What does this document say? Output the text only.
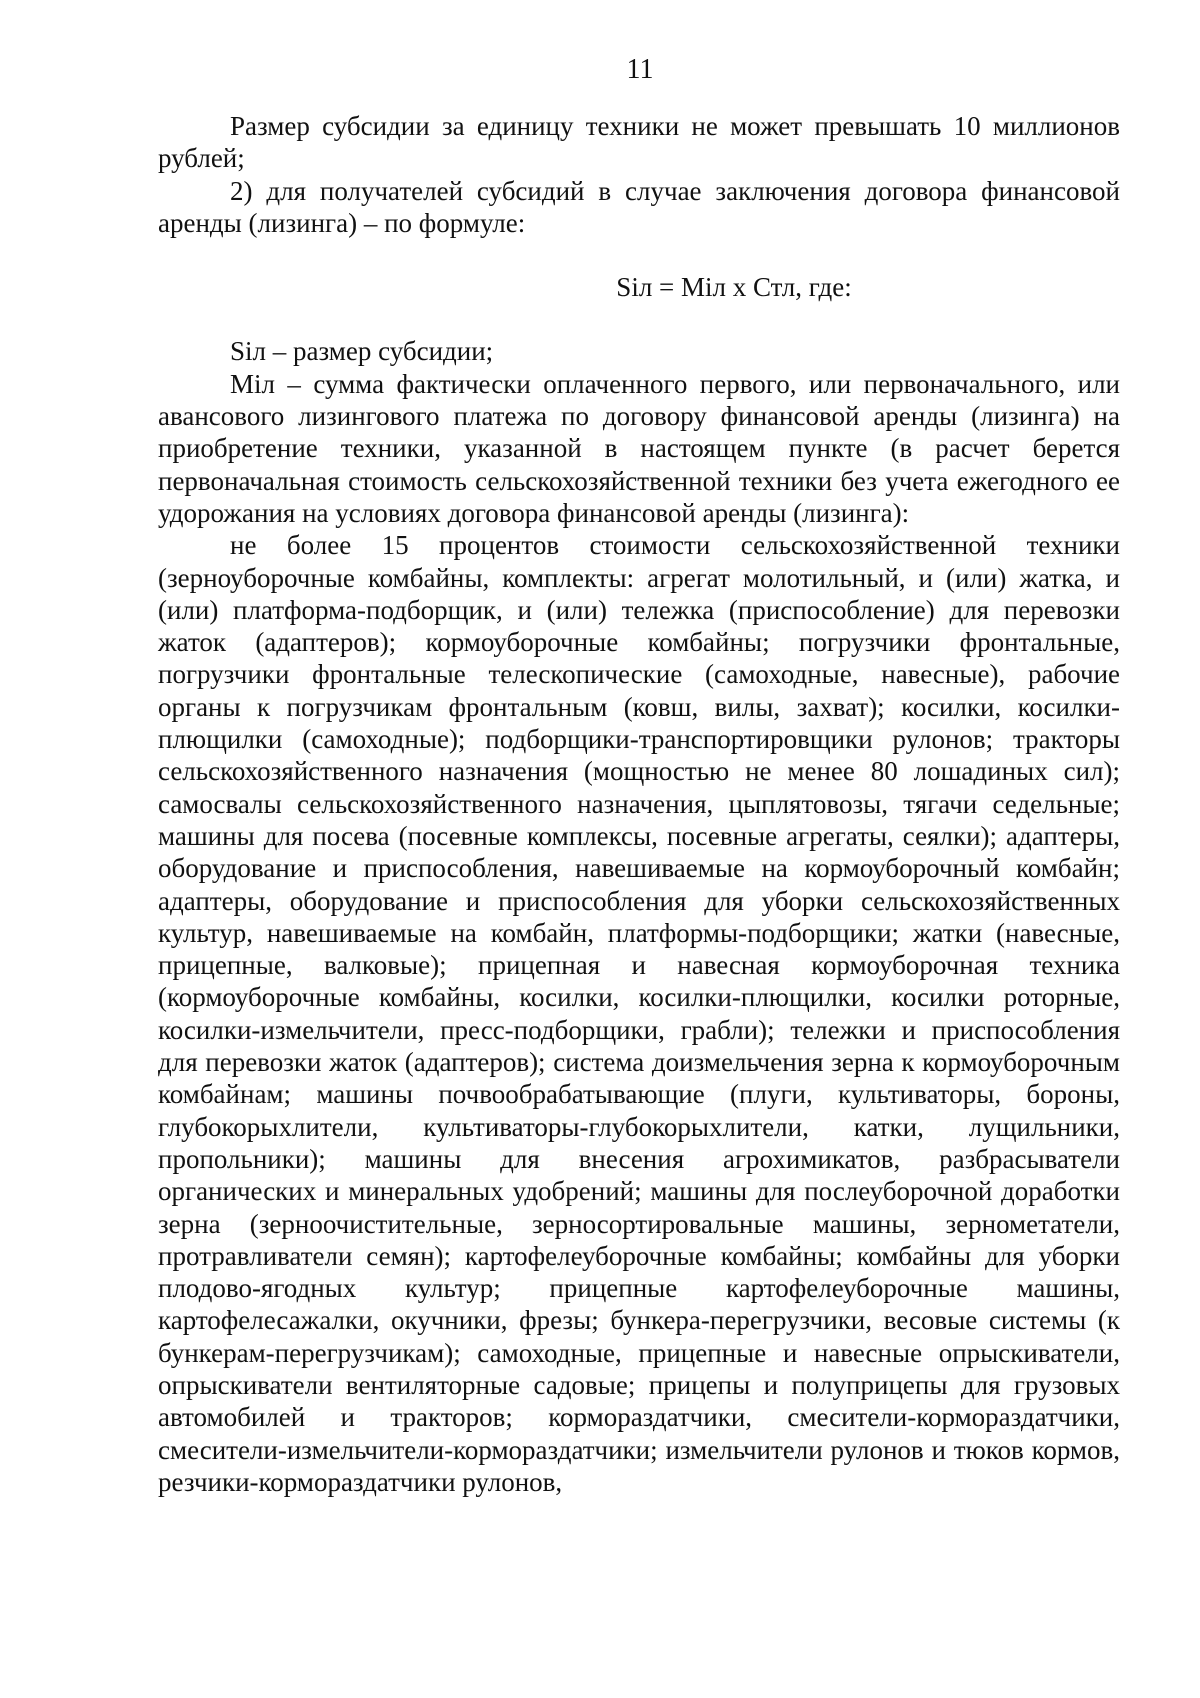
11

Размер субсидии за единицу техники не может превышать 10 миллионов рублей;

2) для получателей субсидий в случае заключения договора финансовой аренды (лизинга) – по формуле:

Sіл = Мiл х Стл, где:

Sіл – размер субсидии;

Мiл – сумма фактически оплаченного первого, или первоначального, или авансового лизингового платежа по договору финансовой аренды (лизинга) на приобретение техники, указанной в настоящем пункте (в расчет берется первоначальная стоимость сельскохозяйственной техники без учета ежегодного ее удорожания на условиях договора финансовой аренды (лизинга):

не более 15 процентов стоимости сельскохозяйственной техники (зерноуборочные комбайны, комплекты: агрегат молотильный, и (или) жатка, и (или) платформа-подборщик, и (или) тележка (приспособление) для перевозки жаток (адаптеров); кормоуборочные комбайны; погрузчики фронтальные, погрузчики фронтальные телескопические (самоходные, навесные), рабочие органы к погрузчикам фронтальным (ковш, вилы, захват); косилки, косилки-плющилки (самоходные); подборщики-транспортировщики рулонов; тракторы сельскохозяйственного назначения (мощностью не менее 80 лошадиных сил); самосвалы сельскохозяйственного назначения, цыплятовозы, тягачи седельные; машины для посева (посевные комплексы, посевные агрегаты, сеялки); адаптеры, оборудование и приспособления, навешиваемые на кормоуборочный комбайн; адаптеры, оборудование и приспособления для уборки сельскохозяйственных культур, навешиваемые на комбайн, платформы-подборщики; жатки (навесные, прицепные, валковые); прицепная и навесная кормоуборочная техника (кормоуборочные комбайны, косилки, косилки-плющилки, косилки роторные, косилки-измельчители, пресс-подборщики, грабли); тележки и приспособления для перевозки жаток (адаптеров); система доизмельчения зерна к кормоуборочным комбайнам; машины почвообрабатывающие (плуги, культиваторы, бороны, глубокорыхлители, культиваторы-глубокорыхлители, катки, лущильники, пропольники); машины для внесения агрохимикатов, разбрасыватели органических и минеральных удобрений; машины для послеуборочной доработки зерна (зерноочистительные, зерносортировальные машины, зернометатели, протравливатели семян); картофелеуборочные комбайны; комбайны для уборки плодово-ягодных культур; прицепные картофелеуборочные машины, картофелесажалки, окучники, фрезы; бункера-перегрузчики, весовые системы (к бункерам-перегрузчикам); самоходные, прицепные и навесные опрыскиватели, опрыскиватели вентиляторные садовые; прицепы и полуприцепы для грузовых автомобилей и тракторов; кормораздатчики, смесители-кормораздатчики, смесители-измельчители-кормораздатчики; измельчители рулонов и тюков кормов, резчики-кормораздатчики рулонов,
